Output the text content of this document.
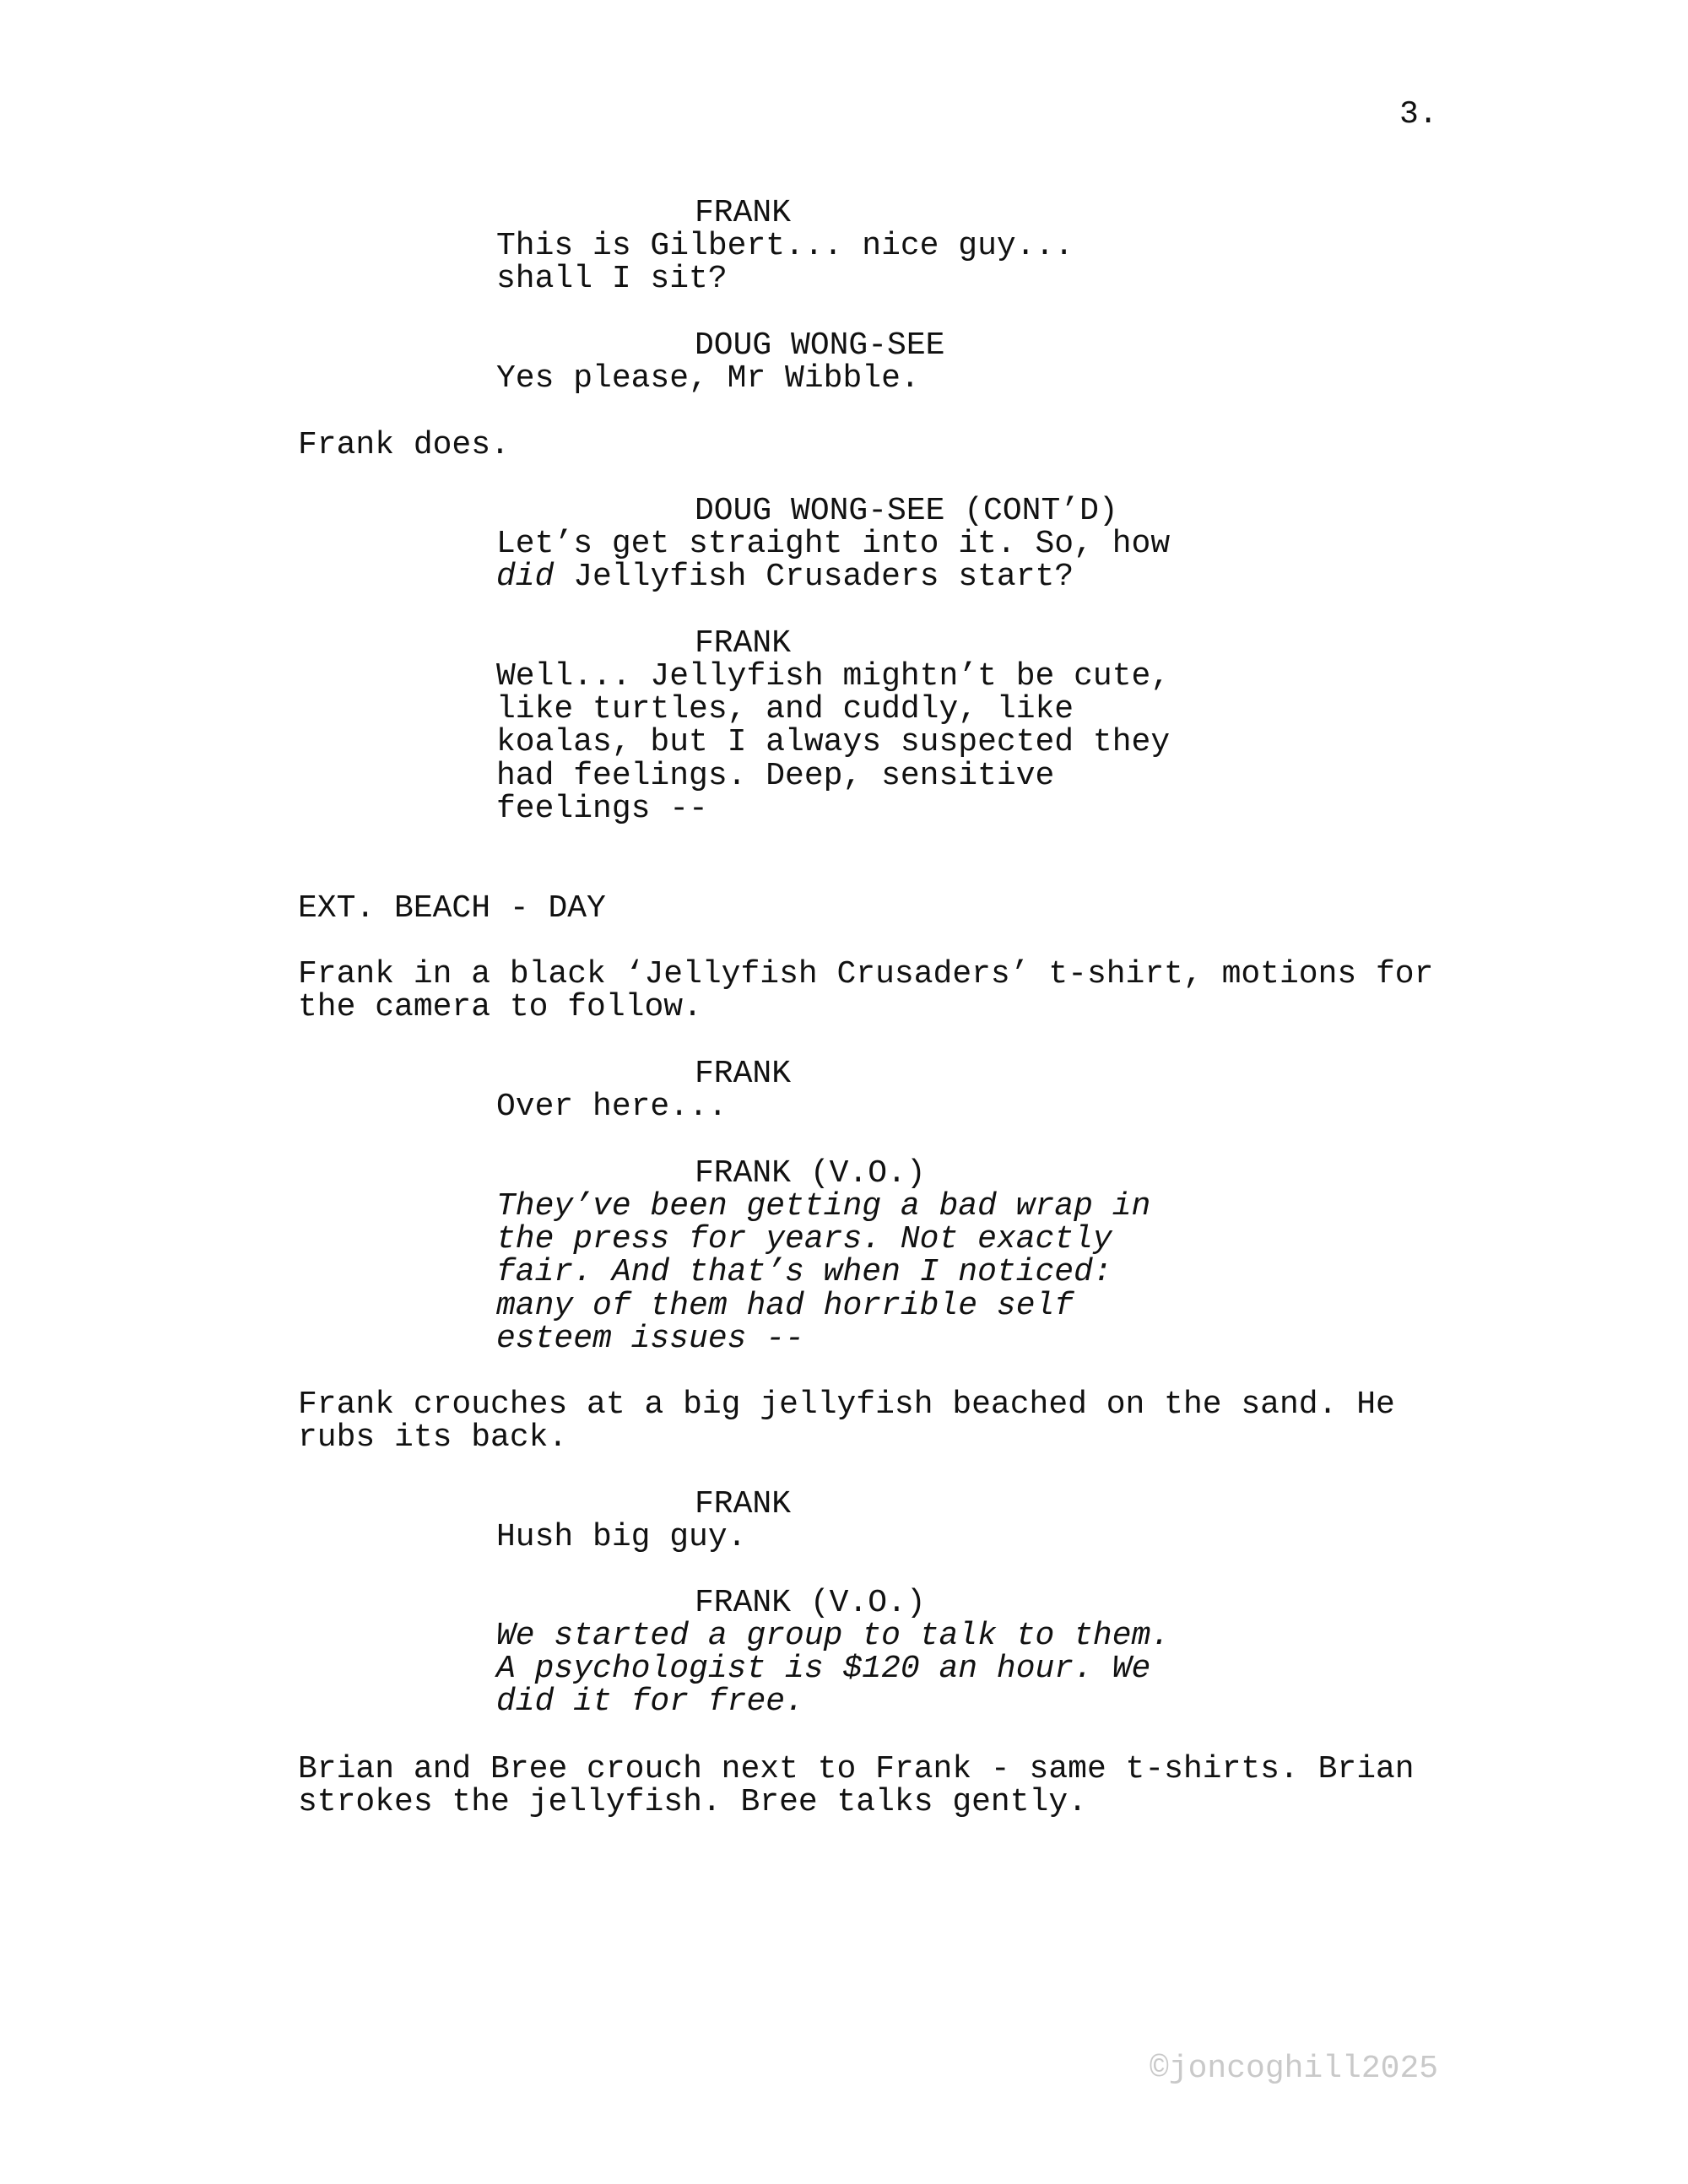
3.
FRANK
This is Gilbert... nice guy...
shall I sit?
DOUG WONG-SEE
Yes please, Mr Wibble.
Frank does.
DOUG WONG-SEE (CONT’D)
Let’s get straight into it. So, how
did Jellyfish Crusaders start?
FRANK
Well... Jellyfish mightn’t be cute,
like turtles, and cuddly, like
koalas, but I always suspected they
had feelings. Deep, sensitive
feelings --
EXT. BEACH - DAY
Frank in a black ‘Jellyfish Crusaders’ t-shirt, motions for
the camera to follow.
FRANK
Over here...
FRANK (V.O.)
They’ve been getting a bad wrap in
the press for years. Not exactly
fair. And that’s when I noticed:
many of them had horrible self
esteem issues --
Frank crouches at a big jellyfish beached on the sand. He
rubs its back.
FRANK
Hush big guy.
FRANK (V.O.)
We started a group to talk to them.
A psychologist is $120 an hour. We
did it for free.
Brian and Bree crouch next to Frank - same t-shirts. Brian
strokes the jellyfish. Bree talks gently.
©joncoghill2025
